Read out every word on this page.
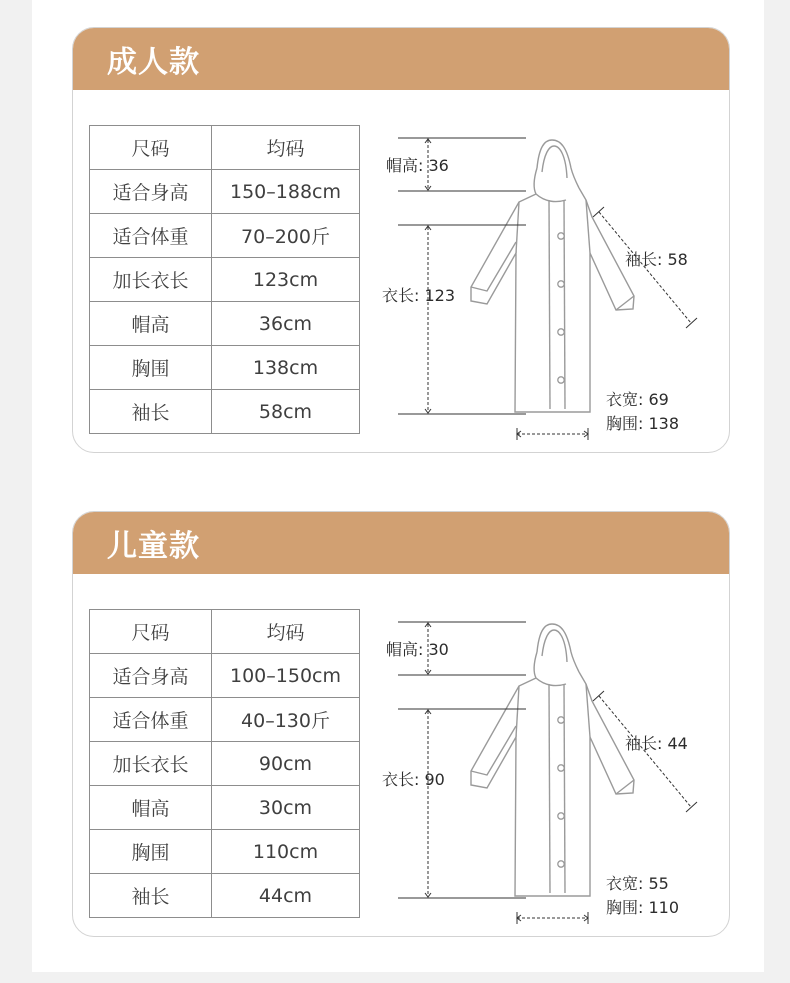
成人款
尺码	均码
适合身高	150–188cm
适合体重	70–200斤
加长衣长	123cm
帽高	36cm
胸围	138cm
袖长	58cm
帽高: 36
衣长: 123
袖长: 58
衣宽: 69
胸围: 138
儿童款
尺码	均码
适合身高	100–150cm
适合体重	40–130斤
加长衣长	90cm
帽高	30cm
胸围	110cm
袖长	44cm
帽高: 30
衣长: 90
袖长: 44
衣宽: 55
胸围: 110
